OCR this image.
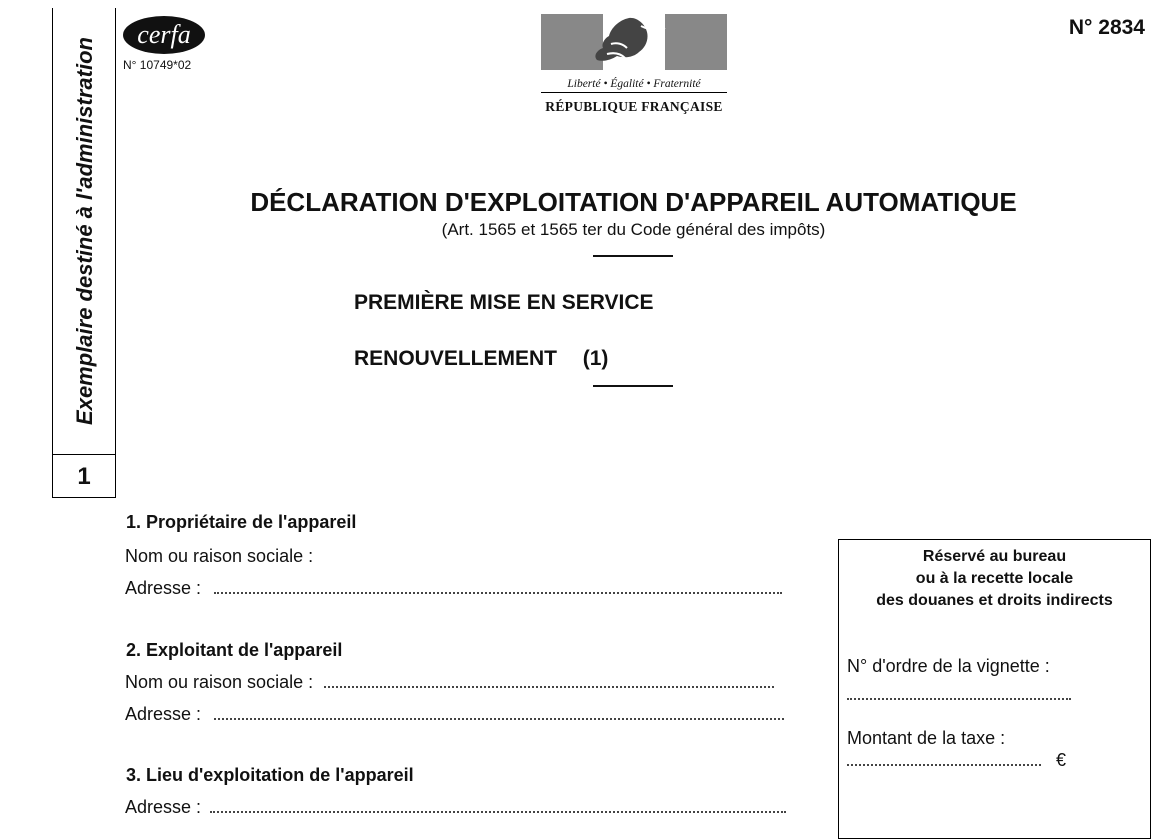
Exemplaire destiné à l'administration
1
cerfa
N° 10749*02
Liberté • Égalité • Fraternité
RÉPUBLIQUE FRANÇAISE
N° 2834
DÉCLARATION D'EXPLOITATION D'APPAREIL AUTOMATIQUE
(Art. 1565 et 1565 ter du Code général des impôts)
PREMIÈRE MISE EN SERVICE
RENOUVELLEMENT (1)
1. Propriétaire de l'appareil
Nom ou raison sociale :
Adresse :
2. Exploitant de l'appareil
Nom ou raison sociale :
Adresse :
3. Lieu d'exploitation de l'appareil
Adresse :
Réservé au bureau
ou à la recette locale
des douanes et droits indirects
N° d'ordre de la vignette :
Montant de la taxe :
€
